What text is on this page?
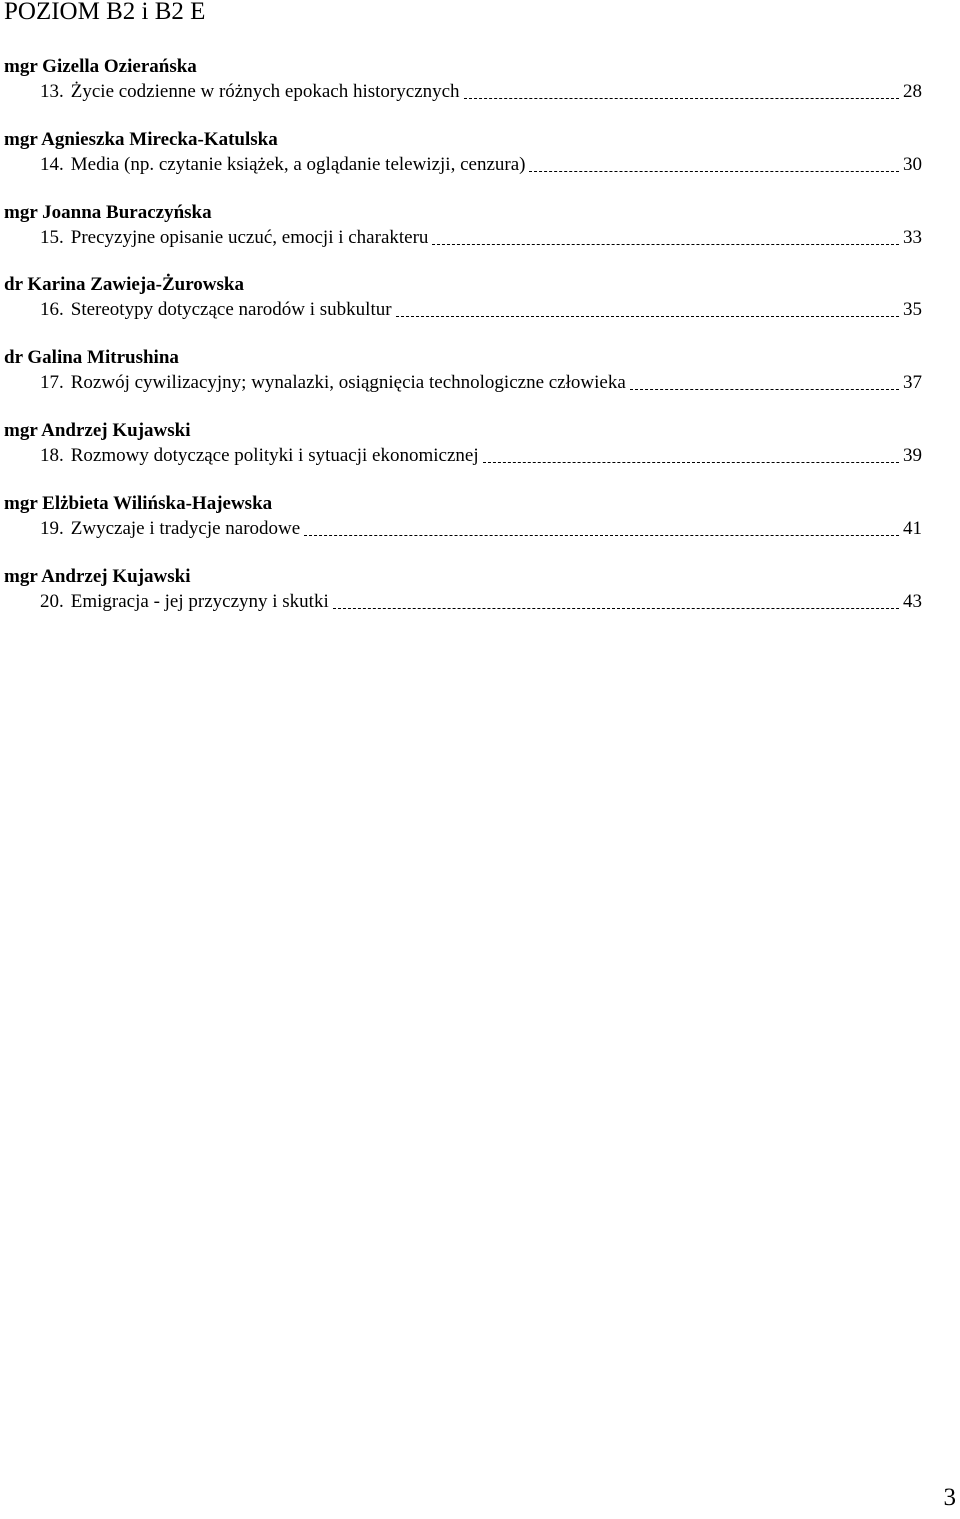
POZIOM B2 i B2 E
mgr Gizella Ozierańska
13. Życie codzienne w różnych epokach historycznych	28
mgr Agnieszka Mirecka-Katulska
14. Media (np. czytanie książek, a oglądanie telewizji, cenzura)	30
mgr Joanna Buraczyńska
15. Precyzyjne opisanie uczuć, emocji i charakteru	33
dr Karina Zawieja-Żurowska
16. Stereotypy dotyczące narodów i subkultur	35
dr Galina Mitrushina
17. Rozwój cywilizacyjny; wynalazki, osiągnięcia technologiczne człowieka	37
mgr Andrzej Kujawski
18. Rozmowy dotyczące polityki i sytuacji ekonomicznej	39
mgr Elżbieta Wilińska-Hajewska
19. Zwyczaje i tradycje narodowe	41
mgr Andrzej Kujawski
20. Emigracja - jej przyczyny i skutki	43
3
